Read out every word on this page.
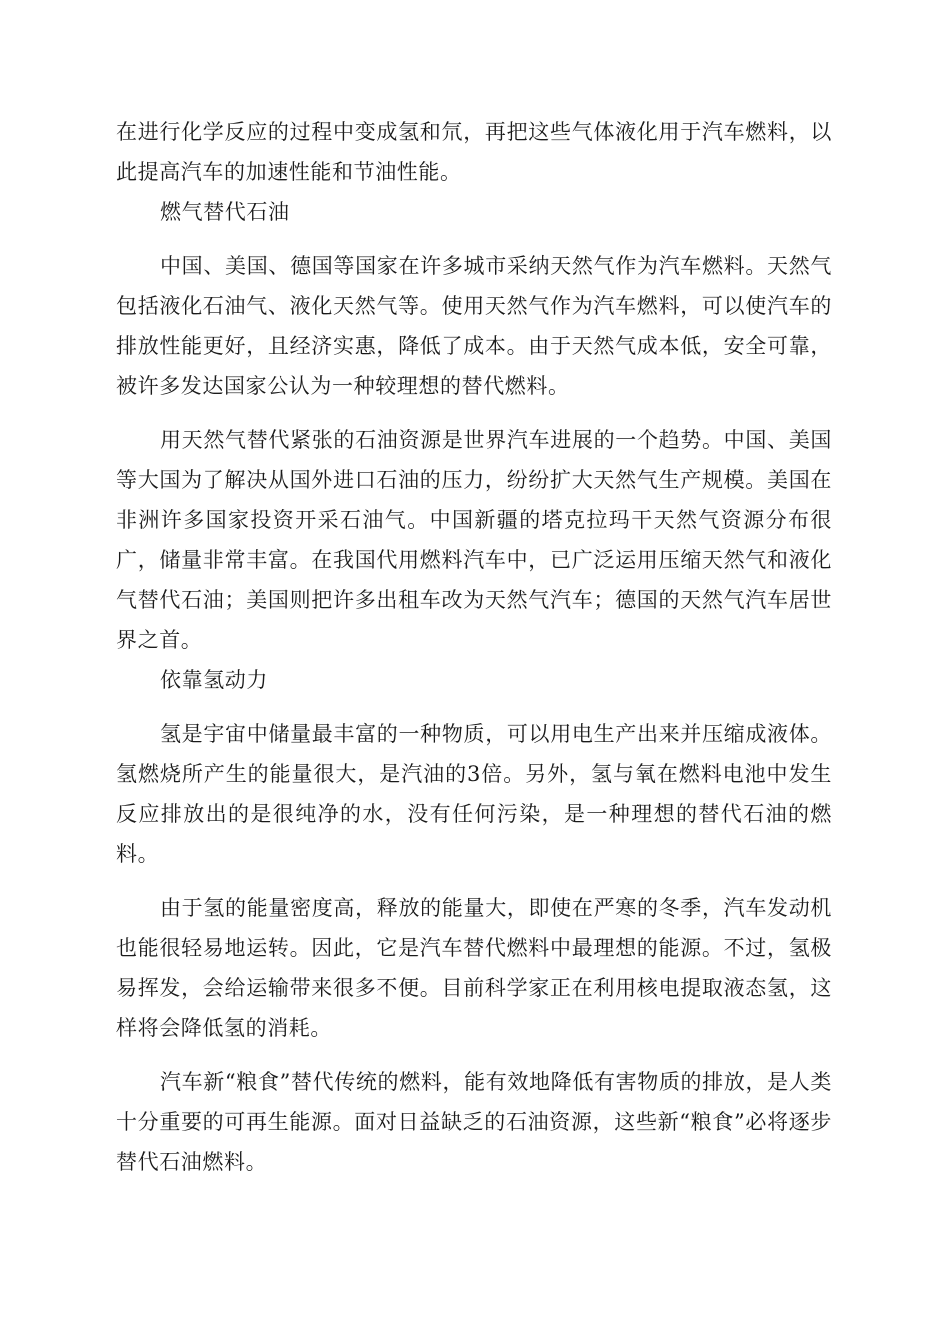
在进行化学反应的过程中变成氢和氘，再把这些气体液化用于汽车燃料，以此提高汽车的加速性能和节油性能。

燃气替代石油

中国、美国、德国等国家在许多城市采纳天然气作为汽车燃料。天然气包括液化石油气、液化天然气等。使用天然气作为汽车燃料，可以使汽车的排放性能更好，且经济实惠，降低了成本。由于天然气成本低，安全可靠，被许多发达国家公认为一种较理想的替代燃料。

用天然气替代紧张的石油资源是世界汽车进展的一个趋势。中国、美国等大国为了解决从国外进口石油的压力，纷纷扩大天然气生产规模。美国在非洲许多国家投资开采石油气。中国新疆的塔克拉玛干天然气资源分布很广，储量非常丰富。在我国代用燃料汽车中，已广泛运用压缩天然气和液化气替代石油；美国则把许多出租车改为天然气汽车；德国的天然气汽车居世界之首。

依靠氢动力

氢是宇宙中储量最丰富的一种物质，可以用电生产出来并压缩成液体。氢燃烧所产生的能量很大，是汽油的3倍。另外，氢与氧在燃料电池中发生反应排放出的是很纯净的水，没有任何污染，是一种理想的替代石油的燃料。

由于氢的能量密度高，释放的能量大，即使在严寒的冬季，汽车发动机也能很轻易地运转。因此，它是汽车替代燃料中最理想的能源。不过，氢极易挥发，会给运输带来很多不便。目前科学家正在利用核电提取液态氢，这样将会降低氢的消耗。

汽车新“粮食”替代传统的燃料，能有效地降低有害物质的排放，是人类十分重要的可再生能源。面对日益缺乏的石油资源，这些新“粮食”必将逐步替代石油燃料。
